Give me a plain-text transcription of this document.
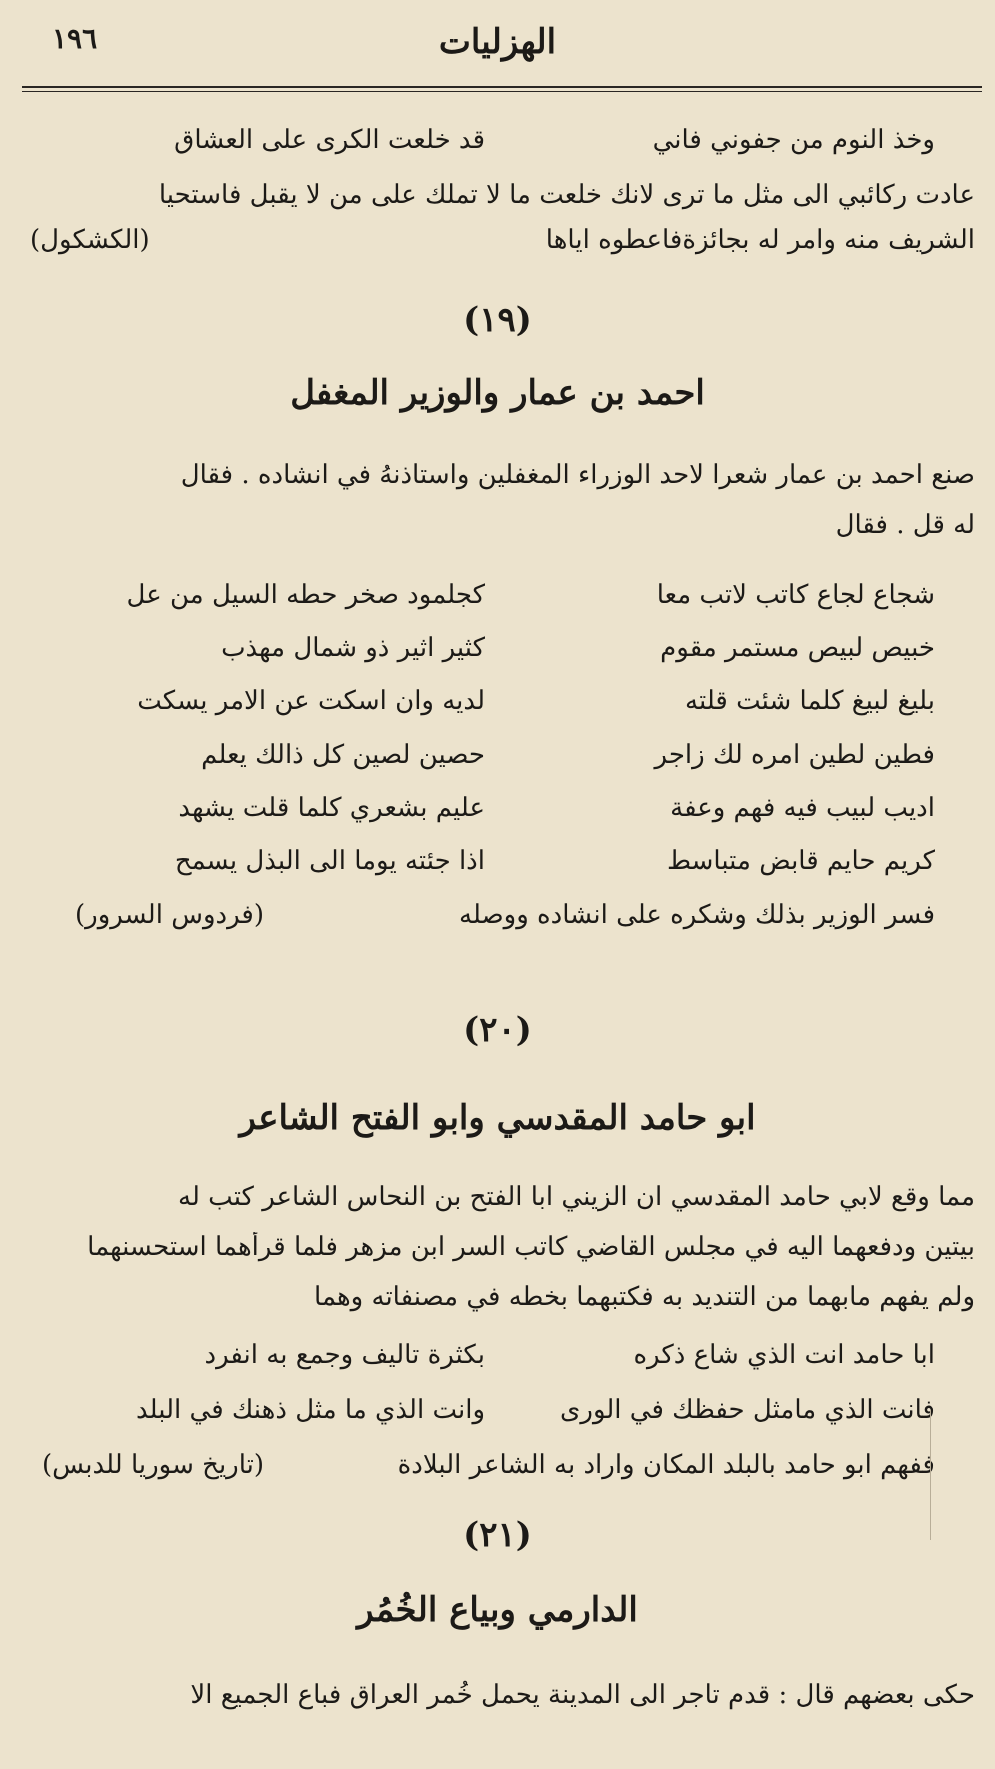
الهزليات
١٩٦
وخذ النوم من جفوني فاني
قد خلعت الكرى على العشاق
عادت ركائبي الى مثل ما ترى لانك خلعت ما لا تملك على من لا يقبل فاستحيا
الشريف منه وامر له بجائزةفاعطوه اياها
(الكشكول)
(١٩)
احمد بن عمار والوزير المغفل
صنع احمد بن عمار شعرا لاحد الوزراء المغفلين واستاذنهُ في انشاده . فقال
له قل . فقال
شجاع لجاع كاتب لاتب معا
كجلمود صخر حطه السيل من عل
خبيص لبيص مستمر مقوم
كثير اثير ذو شمال مهذب
بليغ لبيغ كلما شئت قلته
لديه وان اسكت عن الامر يسكت
فطين لطين امره لك زاجر
حصين لصين كل ذالك يعلم
اديب لبيب فيه فهم وعفة
عليم بشعري كلما قلت يشهد
كريم حايم قابض متباسط
اذا جئته يوما الى البذل يسمح
فسر الوزير بذلك وشكره على انشاده ووصله
(فردوس السرور)
(٢٠)
ابو حامد المقدسي وابو الفتح الشاعر
مما وقع لابي حامد المقدسي ان الزيني ابا الفتح بن النحاس الشاعر كتب له
بيتين ودفعهما اليه في مجلس القاضي كاتب السر ابن مزهر فلما قرأهما استحسنهما
ولم يفهم مابهما من التنديد به فكتبهما بخطه في مصنفاته وهما
ابا حامد انت الذي شاع ذكره
بكثرة تاليف وجمع به انفرد
فانت الذي مامثل حفظك في الورى
وانت الذي ما مثل ذهنك في البلد
ففهم ابو حامد بالبلد المكان واراد به الشاعر البلادة
(تاريخ سوريا للدبس)
(٢١)
الدارمي وبياع الخُمُر
حكى بعضهم قال : قدم تاجر الى المدينة يحمل خُمر العراق فباع الجميع الا
